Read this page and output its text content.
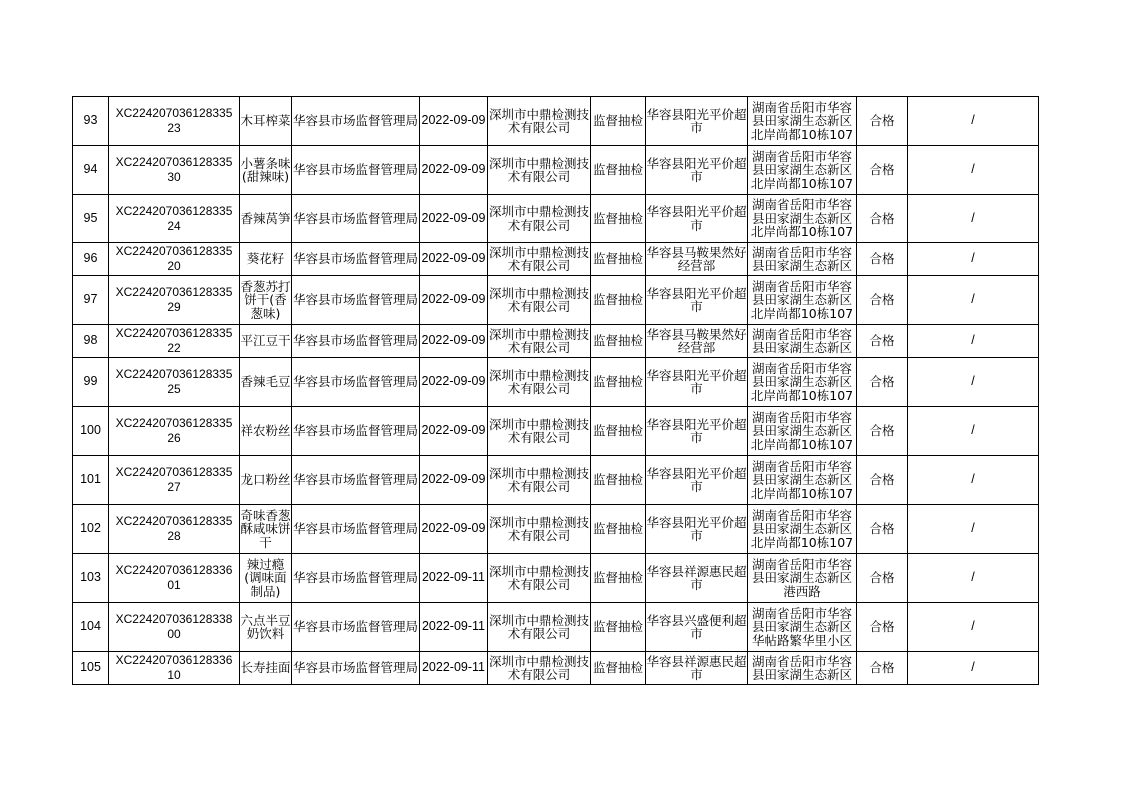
93	XC22420703612833523	木耳榨菜	华容县市场监督管理局	2022-09-09	深圳市中鼎检测技术有限公司	监督抽检	华容县阳光平价超市	湖南省岳阳市华容县田家湖生态新区北岸尚都10栋107	合格	/

94	XC22420703612833530	小薯条味(甜辣味)	华容县市场监督管理局	2022-09-09	深圳市中鼎检测技术有限公司	监督抽检	华容县阳光平价超市	湖南省岳阳市华容县田家湖生态新区北岸尚都10栋107	合格	/

95	XC22420703612833524	香辣莴笋	华容县市场监督管理局	2022-09-09	深圳市中鼎检测技术有限公司	监督抽检	华容县阳光平价超市	湖南省岳阳市华容县田家湖生态新区北岸尚都10栋107	合格	/

96	XC22420703612833520	葵花籽	华容县市场监督管理局	2022-09-09	深圳市中鼎检测技术有限公司	监督抽检	华容县马鞍果然好经营部	湖南省岳阳市华容县田家湖生态新区	合格	/

97	XC22420703612833529	香葱苏打饼干(香葱味)	华容县市场监督管理局	2022-09-09	深圳市中鼎检测技术有限公司	监督抽检	华容县阳光平价超市	湖南省岳阳市华容县田家湖生态新区北岸尚都10栋107	合格	/

98	XC22420703612833522	平江豆干	华容县市场监督管理局	2022-09-09	深圳市中鼎检测技术有限公司	监督抽检	华容县马鞍果然好经营部	湖南省岳阳市华容县田家湖生态新区	合格	/

99	XC22420703612833525	香辣毛豆	华容县市场监督管理局	2022-09-09	深圳市中鼎检测技术有限公司	监督抽检	华容县阳光平价超市	湖南省岳阳市华容县田家湖生态新区北岸尚都10栋107	合格	/

100	XC22420703612833526	祥农粉丝	华容县市场监督管理局	2022-09-09	深圳市中鼎检测技术有限公司	监督抽检	华容县阳光平价超市	湖南省岳阳市华容县田家湖生态新区北岸尚都10栋107	合格	/

101	XC22420703612833527	龙口粉丝	华容县市场监督管理局	2022-09-09	深圳市中鼎检测技术有限公司	监督抽检	华容县阳光平价超市	湖南省岳阳市华容县田家湖生态新区北岸尚都10栋107	合格	/

102	XC22420703612833528	奇味香葱酥咸味饼干	华容县市场监督管理局	2022-09-09	深圳市中鼎检测技术有限公司	监督抽检	华容县阳光平价超市	湖南省岳阳市华容县田家湖生态新区北岸尚都10栋107	合格	/

103	XC22420703612833601	辣过瘾(调味面制品)	华容县市场监督管理局	2022-09-11	深圳市中鼎检测技术有限公司	监督抽检	华容县祥源惠民超市	湖南省岳阳市华容县田家湖生态新区港西路	合格	/

104	XC22420703612833800	六点半豆奶饮料	华容县市场监督管理局	2022-09-11	深圳市中鼎检测技术有限公司	监督抽检	华容县兴盛便利超市	湖南省岳阳市华容县田家湖生态新区华帖路繁华里小区	合格	/

105	XC22420703612833610	长寿挂面	华容县市场监督管理局	2022-09-11	深圳市中鼎检测技术有限公司	监督抽检	华容县祥源惠民超市	湖南省岳阳市华容县田家湖生态新区	合格	/
